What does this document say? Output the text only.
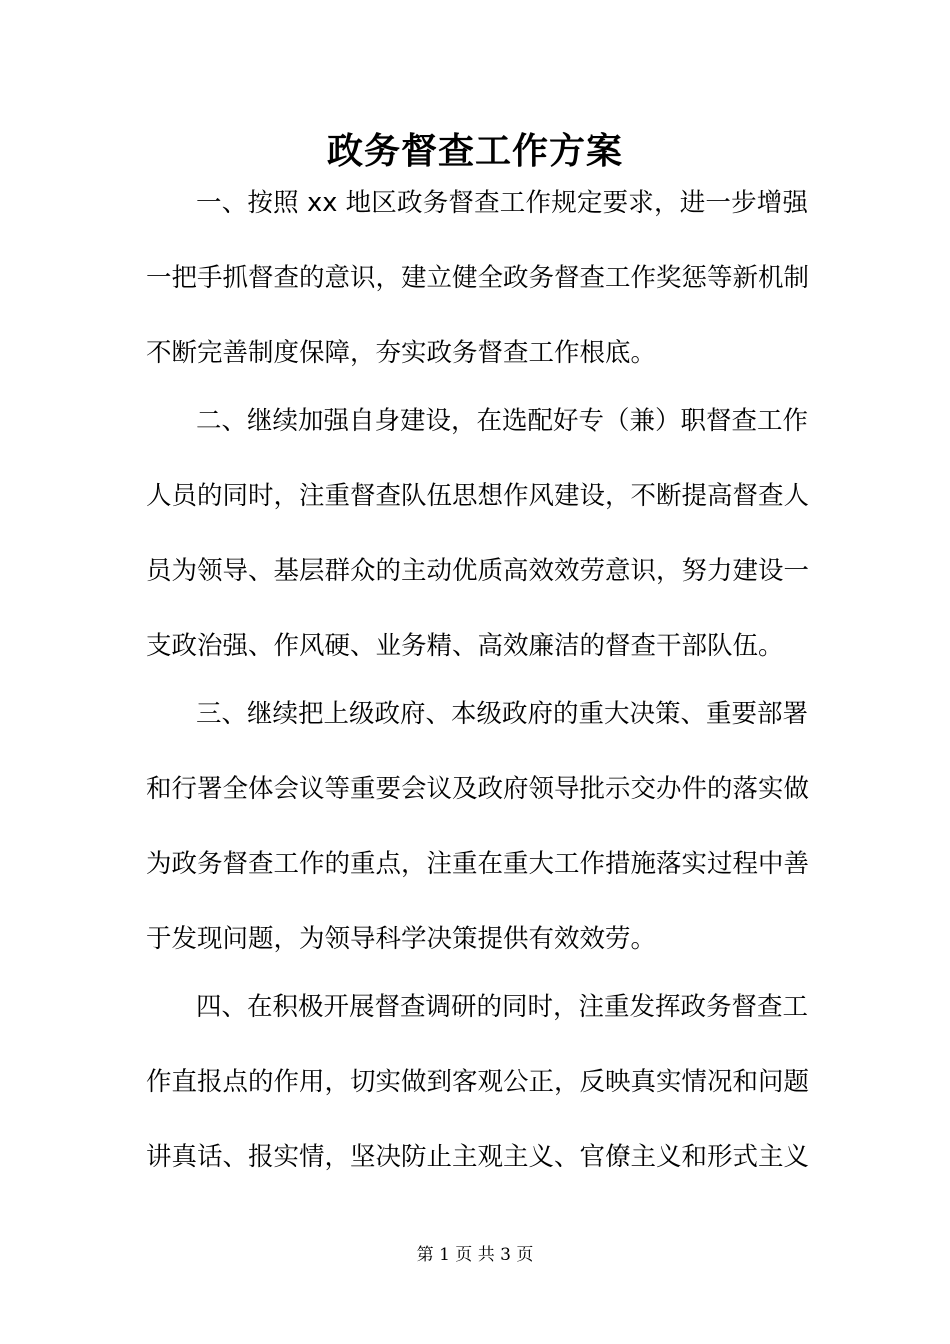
政务督查工作方案
一、按照 xx 地区政务督查工作规定要求，进一步增强
一把手抓督查的意识，建立健全政务督查工作奖惩等新机制
不断完善制度保障，夯实政务督查工作根底。
二、继续加强自身建设，在选配好专（兼）职督查工作
人员的同时，注重督查队伍思想作风建设，不断提高督查人
员为领导、基层群众的主动优质高效效劳意识，努力建设一
支政治强、作风硬、业务精、高效廉洁的督查干部队伍。
三、继续把上级政府、本级政府的重大决策、重要部署
和行署全体会议等重要会议及政府领导批示交办件的落实做
为政务督查工作的重点，注重在重大工作措施落实过程中善
于发现问题，为领导科学决策提供有效效劳。
四、在积极开展督查调研的同时，注重发挥政务督查工
作直报点的作用，切实做到客观公正，反映真实情况和问题
讲真话、报实情，坚决防止主观主义、官僚主义和形式主义
第 1 页 共 3 页
